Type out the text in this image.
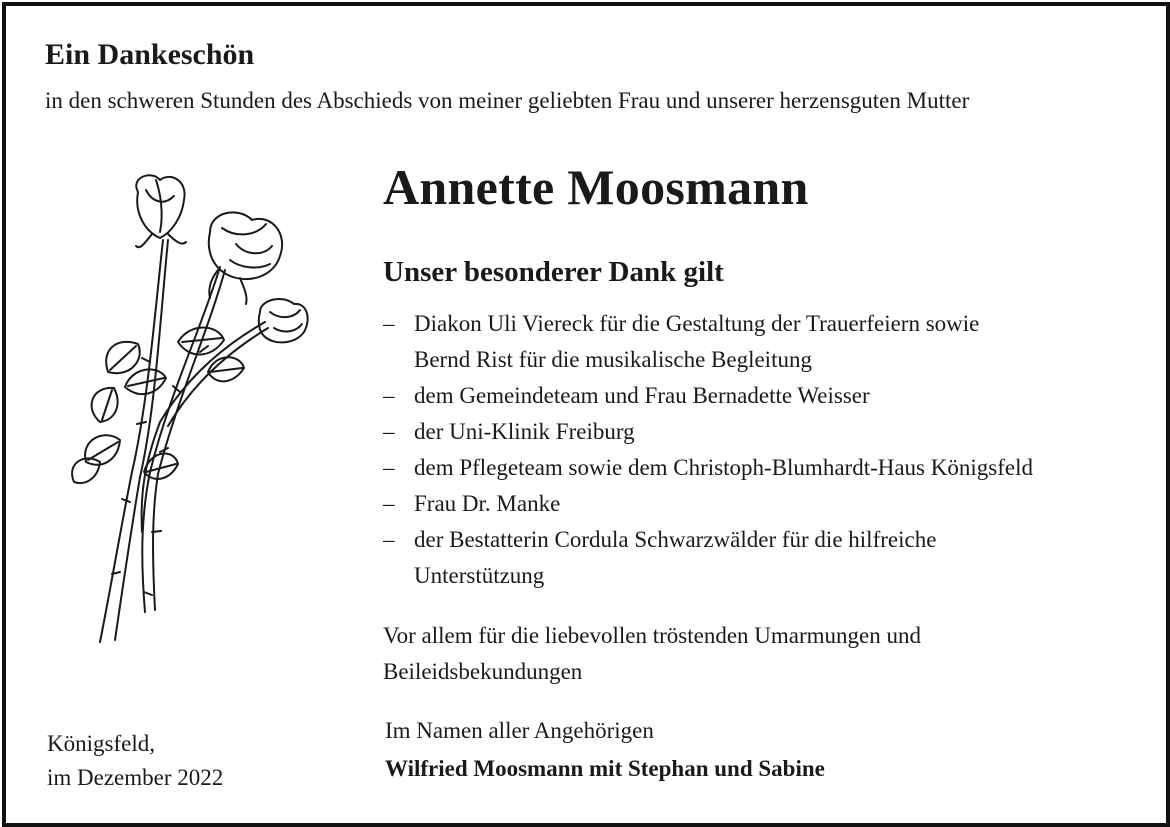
Ein Dankeschön

in den schweren Stunden des Abschieds von meiner geliebten Frau und unserer herzensguten Mutter

Annette Moosmann
Unser besonderer Dank gilt
– Diakon Uli Viereck für die Gestaltung der Trauerfeiern sowie
Bernd Rist für die musikalische Begleitung
– dem Gemeindeteam und Frau Bernadette Weisser
– der Uni-Klinik Freiburg
– dem Pflegeteam sowie dem Christoph-Blumhardt-Haus Königsfeld
– Frau Dr. Manke
– der Bestatterin Cordula Schwarzwälder für die hilfreiche
Unterstützung

Vor allem für die liebevollen tröstenden Umarmungen und
Beileidsbekundungen

Königsfeld,
im Dezember 2022

Im Namen aller Angehörigen

Wilfried Moosmann mit Stephan und Sabine
